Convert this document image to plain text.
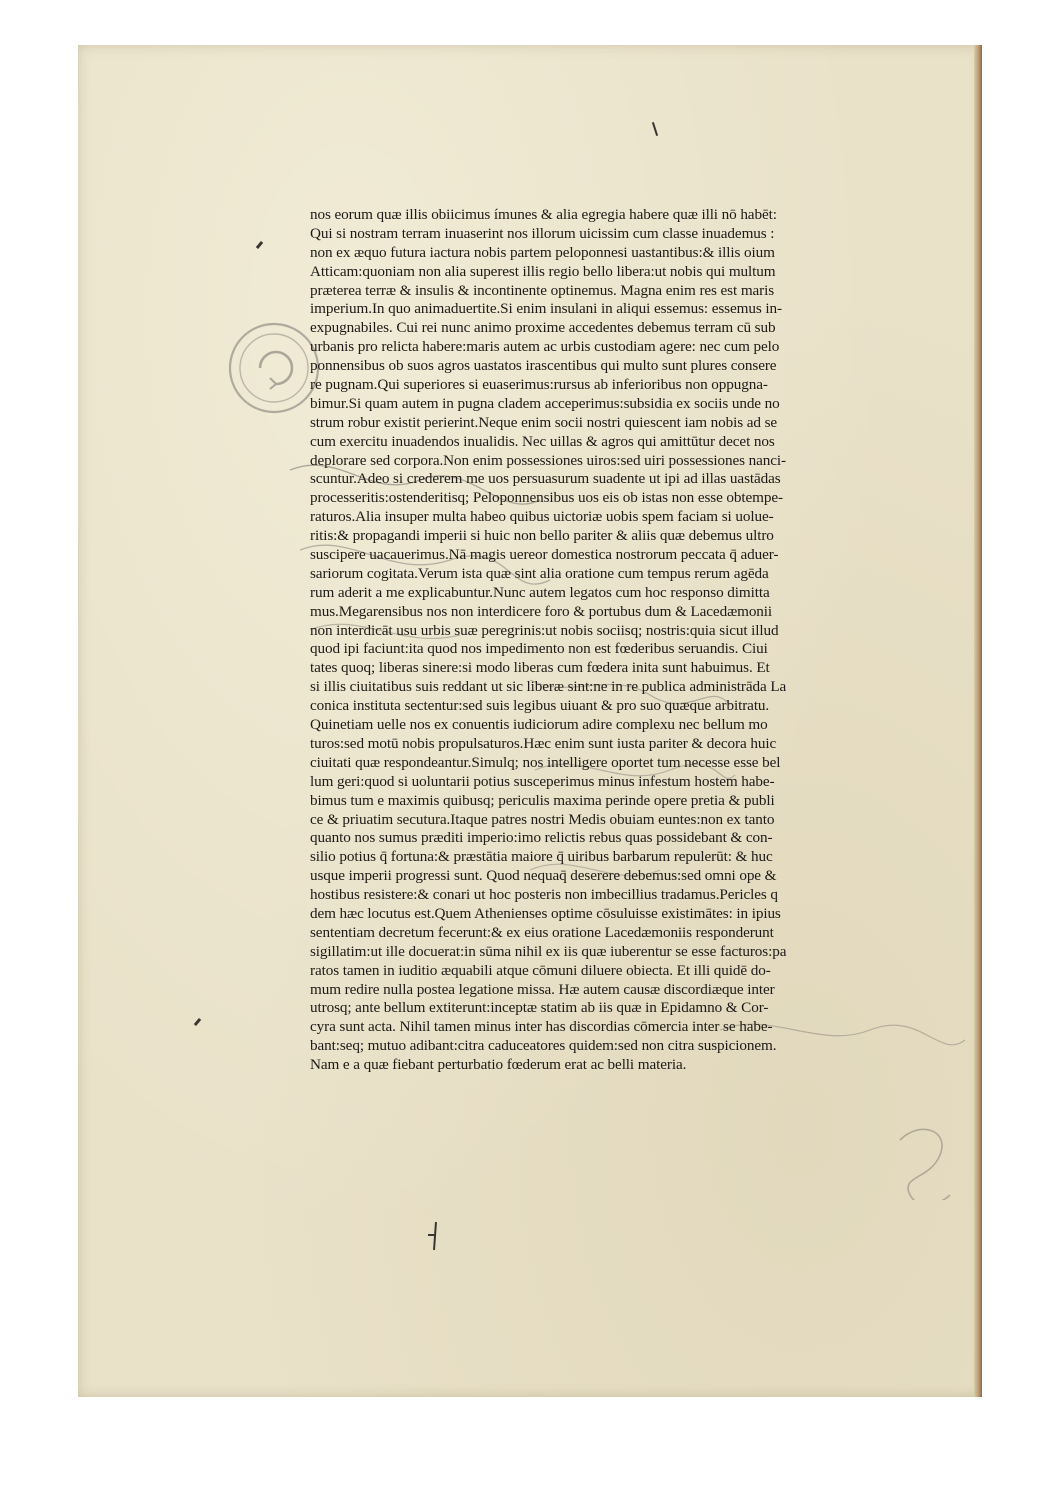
nos eorum quæ illis obiicimus ímunes & alia egregia habere quæ illi nō habēt:
Qui si nostram terram inuaserint nos illorum uicissim cum classe inuademus :
non ex æquo futura iactura nobis partem peloponnesi uastantibus:& illis oium
Atticam:quoniam non alia superest illis regio bello libera:ut nobis qui multum
præterea terræ & insulis & incontinente optinemus. Magna enim res est maris
imperium.In quo animaduertite.Si enim insulani in aliqui essemus: essemus in-
expugnabiles. Cui rei nunc animo proxime accedentes debemus terram cū sub
urbanis pro relicta habere:maris autem ac urbis custodiam agere: nec cum pelo
ponnensibus ob suos agros uastatos irascentibus qui multo sunt plures consere
re pugnam.Qui superiores si euaserimus:rursus ab inferioribus non oppugna-
bimur.Si quam autem in pugna cladem acceperimus:subsidia ex sociis unde no
strum robur existit perierint.Neque enim socii nostri quiescent iam nobis ad se
cum exercitu inuadendos inualidis. Nec uillas & agros qui amittūtur decet nos
deplorare sed corpora.Non enim possessiones uiros:sed uiri possessiones nanci-
scuntur.Adeo si crederem me uos persuasurum suadente ut ipi ad illas uastādas
processeritis:ostenderitisq; Peloponnensibus uos eis ob istas non esse obtempe-
raturos.Alia insuper multa habeo quibus uictoriæ uobis spem faciam si uolue-
ritis:& propagandi imperii si huic non bello pariter & aliis quæ debemus ultro
suscipere uacauerimus.Nā magis uereor domestica nostrorum peccata q̄ aduer-
sariorum cogitata.Verum ista quæ sint alia oratione cum tempus rerum agēda
rum aderit a me explicabuntur.Nunc autem legatos cum hoc responso dimitta
mus.Megarensibus nos non interdicere foro & portubus dum & Lacedæmonii
non interdicāt usu urbis suæ peregrinis:ut nobis sociisq; nostris:quia sicut illud
quod ipi faciunt:ita quod nos impedimento non est fœderibus seruandis. Ciui
tates quoq; liberas sinere:si modo liberas cum fœdera inita sunt habuimus. Et
si illis ciuitatibus suis reddant ut sic liberæ sint:ne in re publica administrāda La
conica instituta sectentur:sed suis legibus uiuant & pro suo quæque arbitratu.
Quinetiam uelle nos ex conuentis iudiciorum adire complexu nec bellum mo
turos:sed motū nobis propulsaturos.Hæc enim sunt iusta pariter & decora huic
ciuitati quæ respondeantur.Simulq; nos intelligere oportet tum necesse esse bel
lum geri:quod si uoluntarii potius susceperimus minus infestum hostem habe-
bimus tum e maximis quibusq; periculis maxima perinde opere pretia & publi
ce & priuatim secutura.Itaque patres nostri Medis obuiam euntes:non ex tanto
quanto nos sumus præditi imperio:imo relictis rebus quas possidebant & con-
silio potius q̄ fortuna:& præstātia maiore q̄ uiribus barbarum repulerūt: & huc
usque imperii progressi sunt. Quod nequaq̄ deserere debemus:sed omni ope &
hostibus resistere:& conari ut hoc posteris non imbecillius tradamus.Pericles q
dem hæc locutus est.Quem Athenienses optime cōsuluisse existimātes: in ipius
sententiam decretum fecerunt:& ex eius oratione Lacedæmoniis responderunt
sigillatim:ut ille docuerat:in sūma nihil ex iis quæ iuberentur se esse facturos:pa
ratos tamen in iuditio æquabili atque cōmuni diluere obiecta. Et illi quidē do-
mum redire nulla postea legatione missa. Hæ autem causæ discordiæque inter
utrosq; ante bellum extiterunt:inceptæ statim ab iis quæ in Epidamno & Cor-
cyra sunt acta. Nihil tamen minus inter has discordias cōmercia inter se habe-
bant:seq; mutuo adibant:citra caduceatores quidem:sed non citra suspicionem.
Nam e a quæ fiebant perturbatio fœderum erat ac belli materia.
